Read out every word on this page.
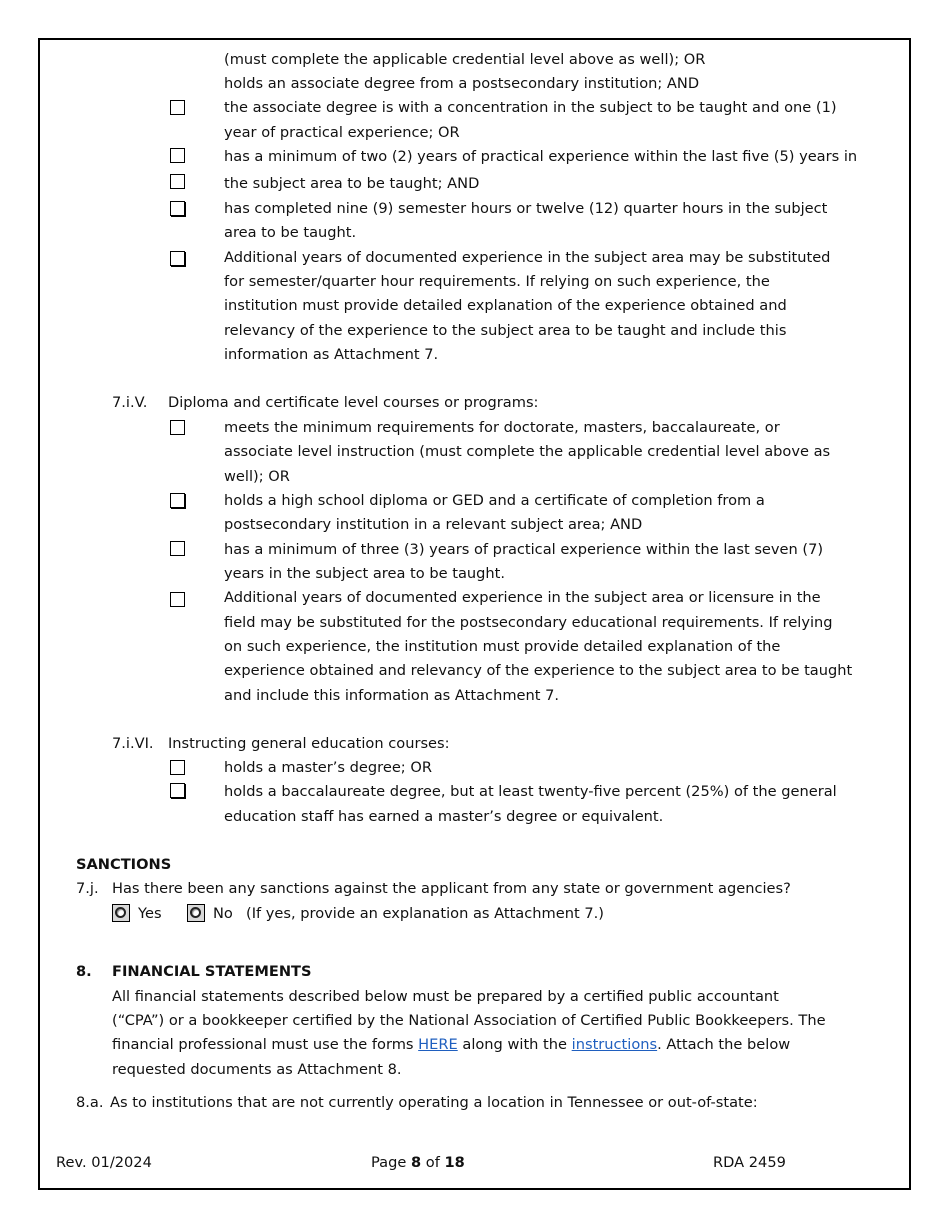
(must complete the applicable credential level above as well); OR
holds an associate degree from a postsecondary institution; AND
the associate degree is with a concentration in the subject to be taught and one (1)
year of practical experience; OR
has a minimum of two (2) years of practical experience within the last five (5) years in
the subject area to be taught; AND
has completed nine (9) semester hours or twelve (12) quarter hours in the subject
area to be taught.
Additional years of documented experience in the subject area may be substituted
for semester/quarter hour requirements. If relying on such experience, the
institution must provide detailed explanation of the experience obtained and
relevancy of the experience to the subject area to be taught and include this
information as Attachment 7.
7.i.V. Diploma and certificate level courses or programs:
meets the minimum requirements for doctorate, masters, baccalaureate, or
associate level instruction (must complete the applicable credential level above as
well); OR
holds a high school diploma or GED and a certificate of completion from a
postsecondary institution in a relevant subject area; AND
has a minimum of three (3) years of practical experience within the last seven (7)
years in the subject area to be taught.
Additional years of documented experience in the subject area or licensure in the
field may be substituted for the postsecondary educational requirements. If relying
on such experience, the institution must provide detailed explanation of the
experience obtained and relevancy of the experience to the subject area to be taught
and include this information as Attachment 7.
7.i.VI. Instructing general education courses:
holds a master’s degree; OR
holds a baccalaureate degree, but at least twenty-five percent (25%) of the general
education staff has earned a master’s degree or equivalent.
SANCTIONS
7.j. Has there been any sanctions against the applicant from any state or government agencies?
Yes	No (If yes, provide an explanation as Attachment 7.)
8. FINANCIAL STATEMENTS
All financial statements described below must be prepared by a certified public accountant
(“CPA”) or a bookkeeper certified by the National Association of Certified Public Bookkeepers. The
financial professional must use the forms HERE along with the instructions. Attach the below
requested documents as Attachment 8.
8.a. As to institutions that are not currently operating a location in Tennessee or out-of-state:
Rev. 01/2024	Page 8 of 18	RDA 2459
